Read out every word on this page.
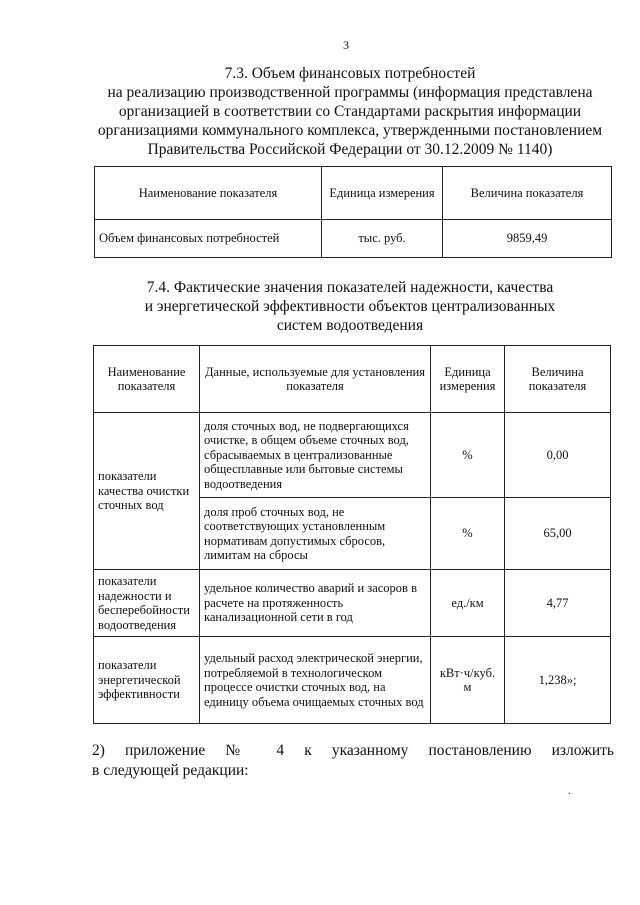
3
7.3. Объем финансовых потребностей
на реализацию производственной программы (информация представлена
организацией в соответствии со Стандартами раскрытия информации
организациями коммунального комплекса, утвержденными постановлением
Правительства Российской Федерации от 30.12.2009 № 1140)
Наименование показателя	Единица измерения	Величина показателя
Объем финансовых потребностей	тыс. руб.	9859,49
7.4. Фактические значения показателей надежности, качества
и энергетической эффективности объектов централизованных
систем водоотведения
Наименование показателя	Данные, используемые для установления показателя	Единица измерения	Величина показателя
показатели качества очистки сточных вод	доля сточных вод, не подвергающихся очистке, в общем объеме сточных вод, сбрасываемых в централизованные общесплавные или бытовые системы водоотведения	%	0,00
	доля проб сточных вод, не соответствующих установленным нормативам допустимых сбросов, лимитам на сбросы	%	65,00
показатели надежности и бесперебойности водоотведения	удельное количество аварий и засоров в расчете на протяженность канализационной сети в год	ед./км	4,77
показатели энергетической эффективности	удельный расход электрической энергии, потребляемой в технологическом процессе очистки сточных вод, на единицу объема очищаемых сточных вод	кВт·ч/куб. м	1,238»;
2) приложение № 4 к указанному постановлению изложить
в следующей редакции:
.
